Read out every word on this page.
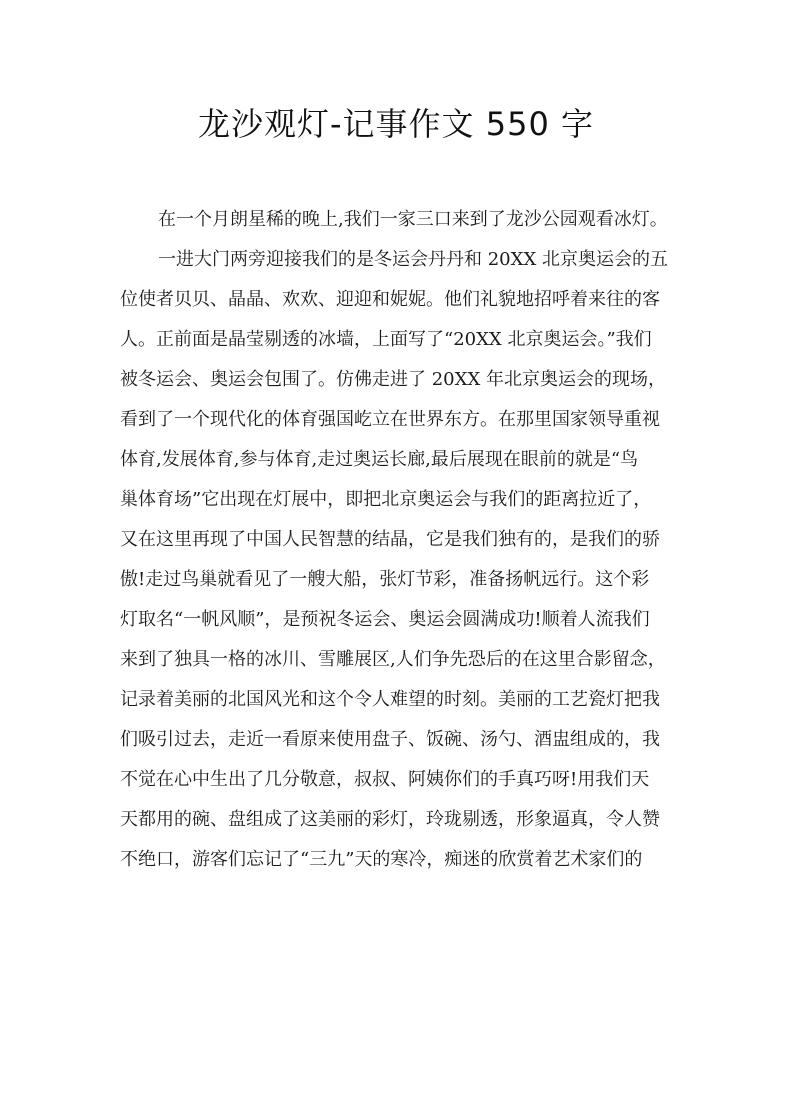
龙沙观灯-记事作文 550 字
在一个月朗星稀的晚上,我们一家三口来到了龙沙公园观看冰灯。
一进大门两旁迎接我们的是冬运会丹丹和 20XX 北京奥运会的五
位使者贝贝、晶晶、欢欢、迎迎和妮妮。他们礼貌地招呼着来往的客
人。正前面是晶莹剔透的冰墙，上面写了“20XX 北京奥运会。”我们
被冬运会、奥运会包围了。仿佛走进了 20XX 年北京奥运会的现场，
看到了一个现代化的体育强国屹立在世界东方。在那里国家领导重视
体育,发展体育,参与体育,走过奥运长廊,最后展现在眼前的就是“鸟
巢体育场”它出现在灯展中，即把北京奥运会与我们的距离拉近了，
又在这里再现了中国人民智慧的结晶，它是我们独有的，是我们的骄
傲!走过鸟巢就看见了一艘大船，张灯节彩，准备扬帆远行。这个彩
灯取名“一帆风顺”，是预祝冬运会、奥运会圆满成功!顺着人流我们
来到了独具一格的冰川、雪雕展区,人们争先恐后的在这里合影留念，
记录着美丽的北国风光和这个令人难望的时刻。美丽的工艺瓷灯把我
们吸引过去，走近一看原来使用盘子、饭碗、汤勺、酒盅组成的，我
不觉在心中生出了几分敬意，叔叔、阿姨你们的手真巧呀!用我们天
天都用的碗、盘组成了这美丽的彩灯，玲珑剔透，形象逼真，令人赞
不绝口，游客们忘记了“三九”天的寒冷，痴迷的欣赏着艺术家们的
